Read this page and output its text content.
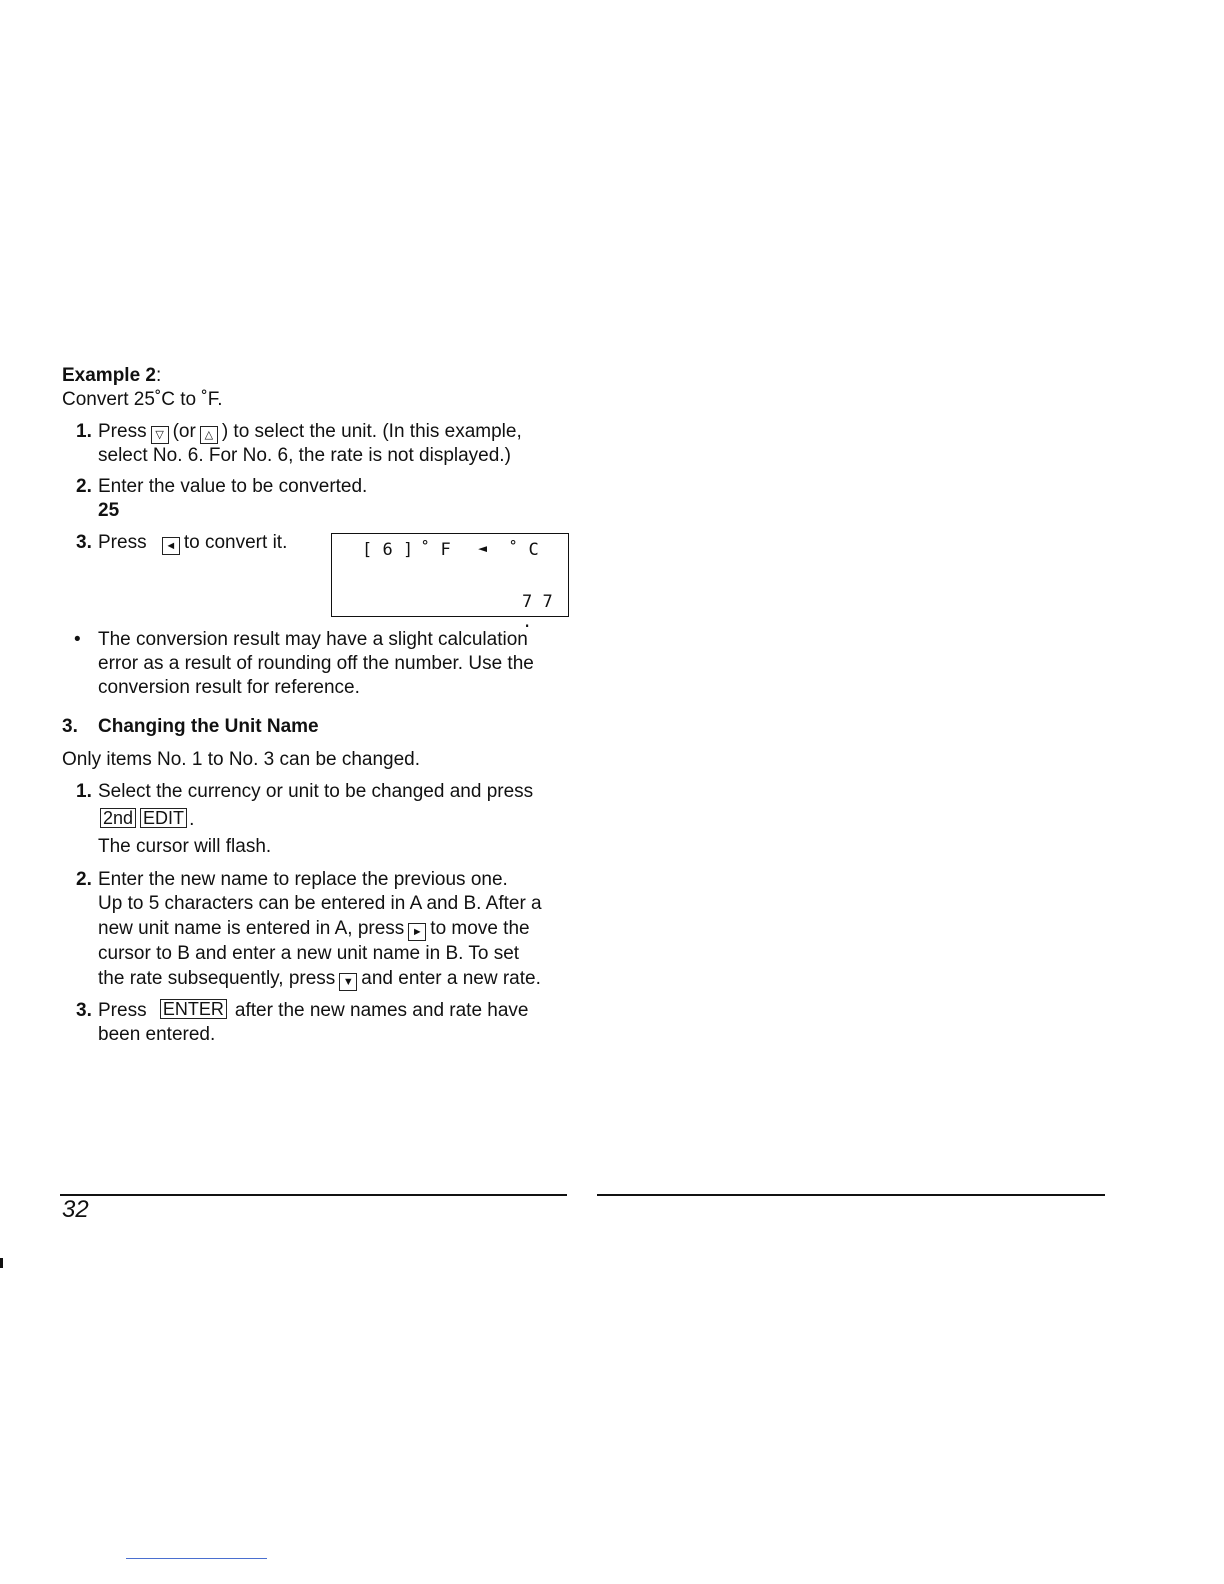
Example 2:
Convert 25˚C to ˚F.
1. Press ▽ (or △ ) to select the unit. (In this example,
select No. 6. For No. 6, the rate is not displayed.)
2. Enter the value to be converted.
25
3. Press ◄ to convert it.	[ 6 ] ˚ F ◄ ˚ C
7 7 .
• The conversion result may have a slight calculation
error as a result of rounding off the number. Use the
conversion result for reference.
3. Changing the Unit Name
Only items No. 1 to No. 3 can be changed.
1. Select the currency or unit to be changed and press
2nd EDIT .
The cursor will flash.
2. Enter the new name to replace the previous one.
Up to 5 characters can be entered in A and B. After a
new unit name is entered in A, press ► to move the
cursor to B and enter a new unit name in B. To set
the rate subsequently, press ▼ and enter a new rate.
3. Press ENTER after the new names and rate have
been entered.
32
